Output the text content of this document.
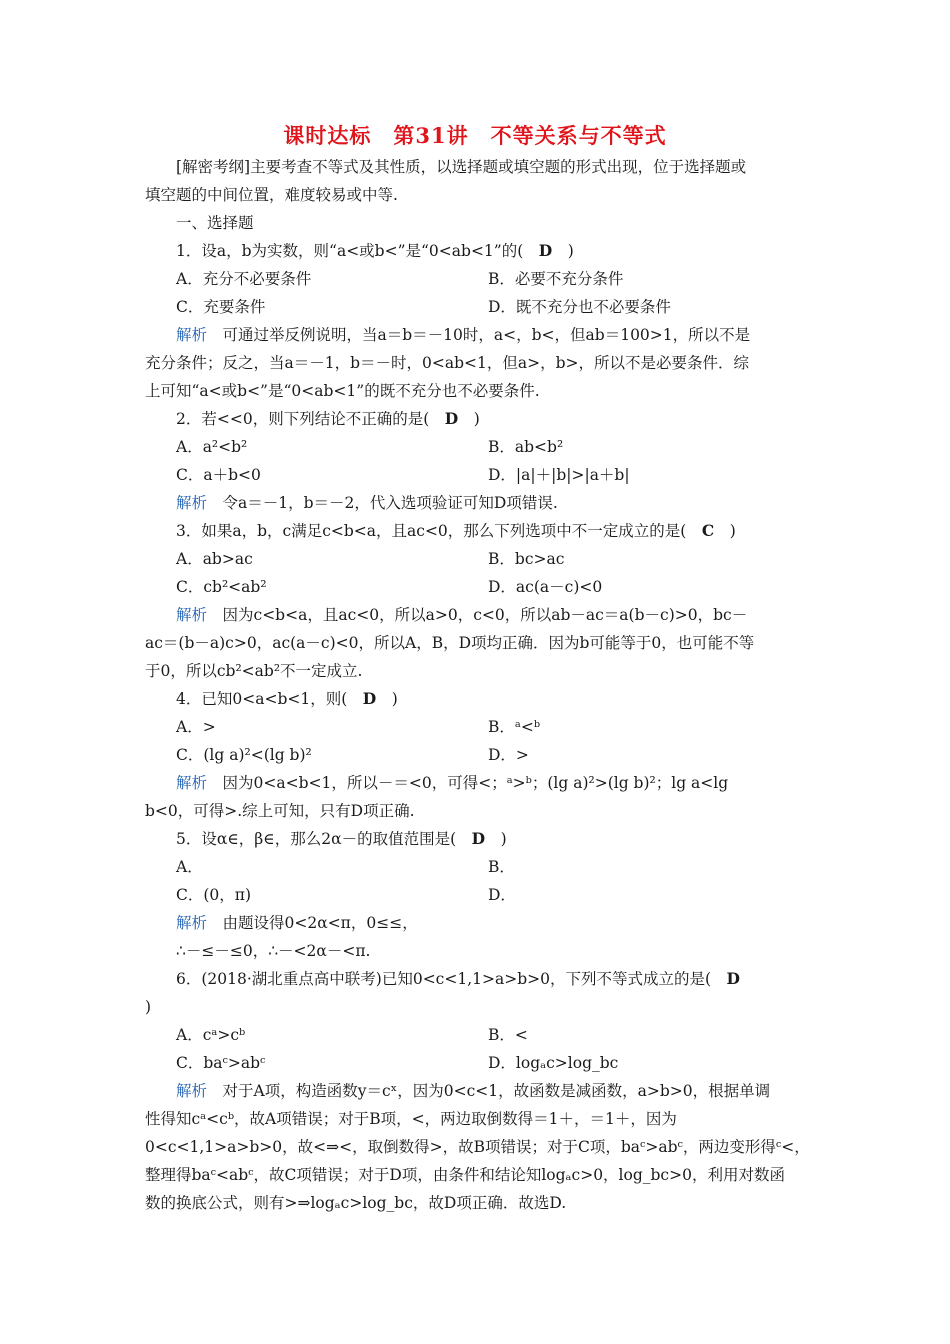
课时达标　第31讲　不等关系与不等式
[解密考纲]主要考查不等式及其性质，以选择题或填空题的形式出现，位于选择题或
填空题的中间位置，难度较易或中等.
一、选择题
1．设a，b为实数，则“a<或b<”是“0<ab<1”的(　D　)
A．充分不必要条件	B．必要不充分条件
C．充要条件	D．既不充分也不必要条件
解析　可通过举反例说明，当a＝b＝－10时，a<，b<，但ab＝100>1，所以不是
充分条件；反之，当a＝－1，b＝－时，0<ab<1，但a>，b>，所以不是必要条件．综
上可知“a<或b<”是“0<ab<1”的既不充分也不必要条件.
2．若<<0，则下列结论不正确的是(　D　)
A．a²<b²	B．ab<b²
C．a＋b<0	D．|a|＋|b|>|a＋b|
解析　令a＝－1，b＝－2，代入选项验证可知D项错误.
3．如果a，b，c满足c<b<a，且ac<0，那么下列选项中不一定成立的是(　C　)
A．ab>ac	B．bc>ac
C．cb²<ab²	D．ac(a－c)<0
解析　因为c<b<a，且ac<0，所以a>0，c<0，所以ab－ac＝a(b－c)>0，bc－
ac＝(b－a)c>0，ac(a－c)<0，所以A，B，D项均正确．因为b可能等于0，也可能不等
于0，所以cb²<ab²不一定成立.
4．已知0<a<b<1，则(　D　)
A．>	B．ᵃ<ᵇ
C．(lg a)²<(lg b)²	D．>
解析　因为0<a<b<1，所以－＝<0，可得<；ᵃ>ᵇ；(lg a)²>(lg b)²；lg a<lg
b<0，可得>.综上可知，只有D项正确.
5．设α∈，β∈，那么2α－的取值范围是(　D　)
A．	B．
C．(0，π)	D．
解析　由题设得0<2α<π，0≤≤，
∴－≤－≤0，∴－<2α－<π.
6．(2018·湖北重点高中联考)已知0<c<1,1>a>b>0，下列不等式成立的是(　D
)
A．cᵃ>cᵇ	B．<
C．baᶜ>abᶜ	D．logₐc>log_bc
解析　对于A项，构造函数y＝cˣ，因为0<c<1，故函数是减函数，a>b>0，根据单调
性得知cᵃ<cᵇ，故A项错误；对于B项，<，两边取倒数得＝1＋，＝1＋，因为
0<c<1,1>a>b>0，故<⇒<，取倒数得>，故B项错误；对于C项，baᶜ>abᶜ，两边变形得ᶜ<，
整理得baᶜ<abᶜ，故C项错误；对于D项，由条件和结论知logₐc>0，log_bc>0，利用对数函
数的换底公式，则有>⇒logₐc>log_bc，故D项正确．故选D.
